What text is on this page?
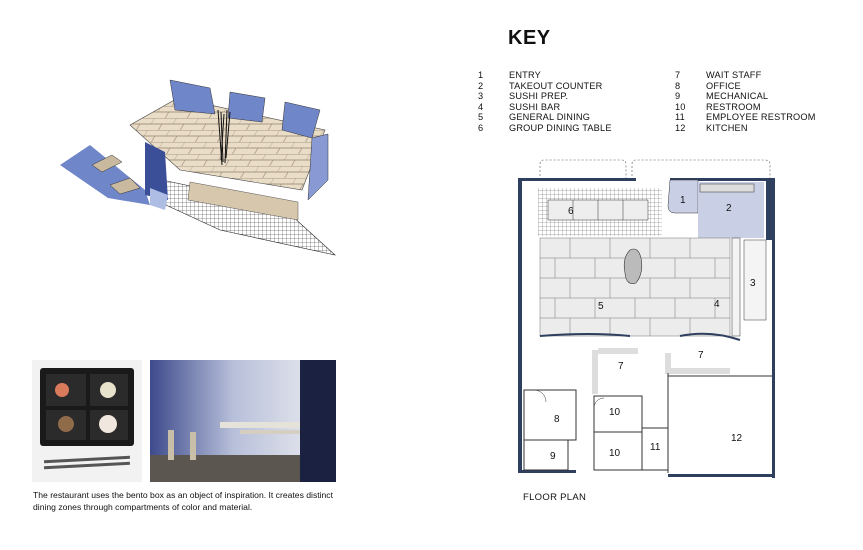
The restaurant uses the bento box as an object of inspiration. It creates distinct dining zones through compartments of color and material.
KEY
1	ENTRY
2	TAKEOUT COUNTER
3	SUSHI PREP.
4	SUSHI BAR
5	GENERAL DINING
6	GROUP DINING TABLE
7	WAIT STAFF
8	OFFICE
9	MECHANICAL
10	RESTROOM
11	EMPLOYEE RESTROOM
12	KITCHEN
1
2
3
4
5
6
7
7
8
9
10
10
11
12
FLOOR PLAN
